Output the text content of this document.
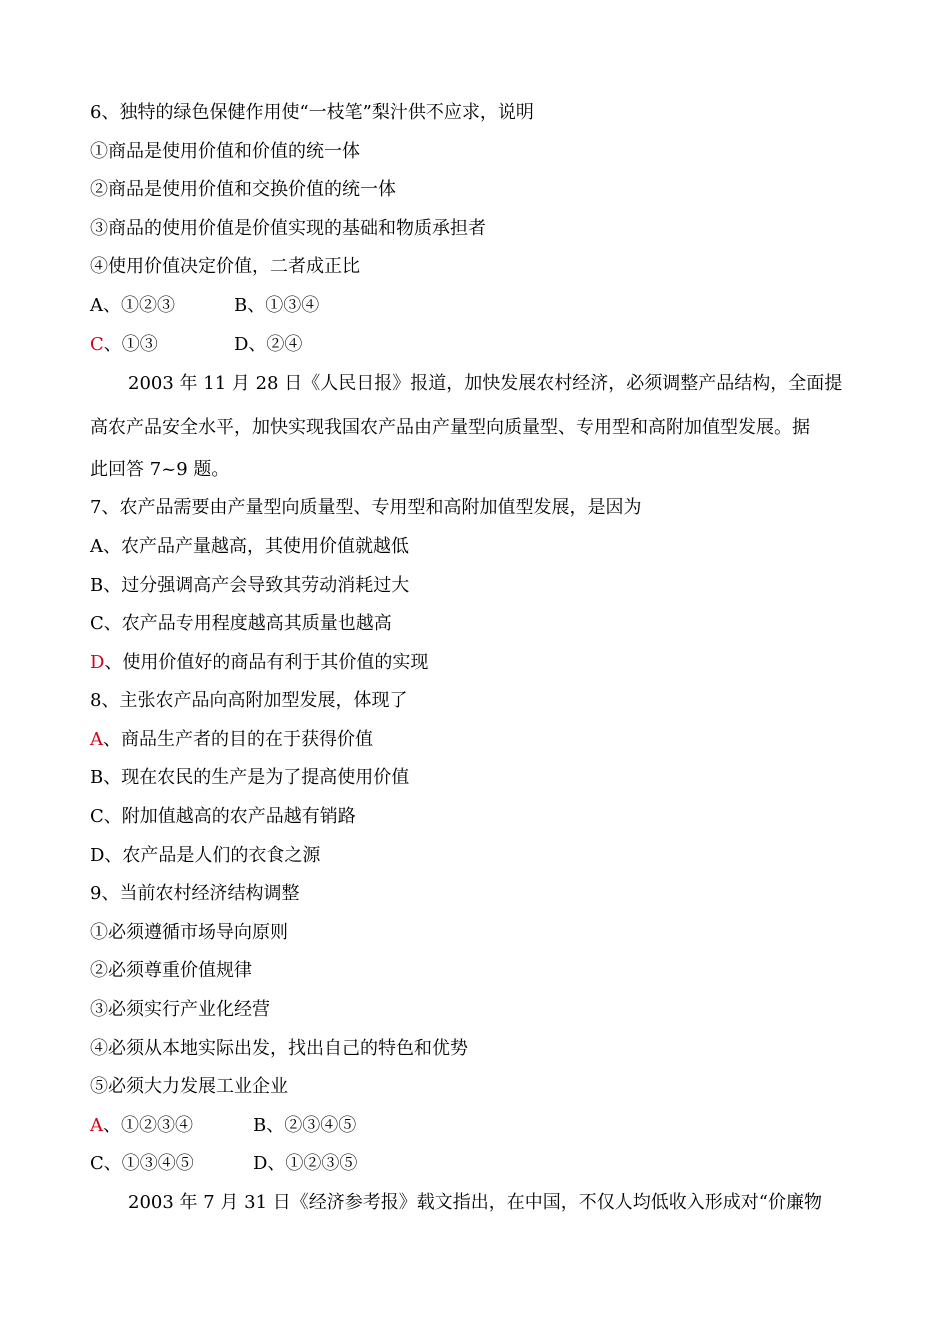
6、独特的绿色保健作用使“一枝笔”梨汁供不应求，说明
①商品是使用价值和价值的统一体
②商品是使用价值和交换价值的统一体
③商品的使用价值是价值实现的基础和物质承担者
④使用价值决定价值，二者成正比
A、①②③	B、①③④
C、①③	D、②④
2003 年 11 月 28 日《人民日报》报道，加快发展农村经济，必须调整产品结构，全面提
高农产品安全水平，加快实现我国农产品由产量型向质量型、专用型和高附加值型发展。据
此回答 7~9 题。
7、农产品需要由产量型向质量型、专用型和高附加值型发展，是因为
A、农产品产量越高，其使用价值就越低
B、过分强调高产会导致其劳动消耗过大
C、农产品专用程度越高其质量也越高
D、使用价值好的商品有利于其价值的实现
8、主张农产品向高附加型发展，体现了
A、商品生产者的目的在于获得价值
B、现在农民的生产是为了提高使用价值
C、附加值越高的农产品越有销路
D、农产品是人们的衣食之源
9、当前农村经济结构调整
①必须遵循市场导向原则
②必须尊重价值规律
③必须实行产业化经营
④必须从本地实际出发，找出自己的特色和优势
⑤必须大力发展工业企业
A、①②③④	B、②③④⑤
C、①③④⑤	D、①②③⑤
2003 年 7 月 31 日《经济参考报》载文指出，在中国，不仅人均低收入形成对“价廉物
